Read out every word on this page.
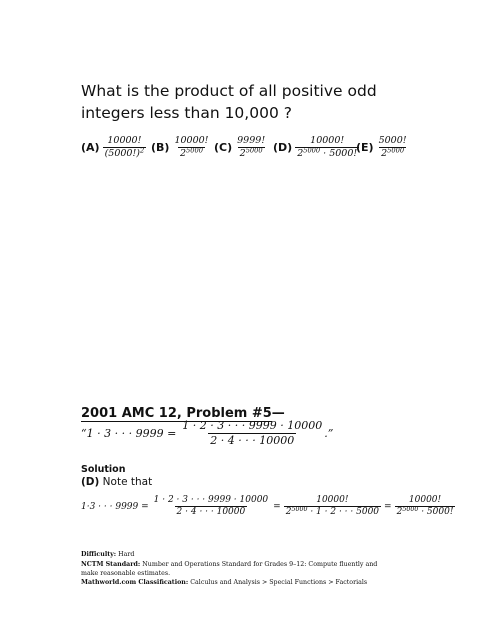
What is the product of all positive odd integers less than 10,000 ?
$(A) \frac{10000!}{(5000!)^2} (B) \frac{10000!}{2^{5000}} (C) \frac{9999!}{2^{5000}} (D) \frac{10000!}{2^{5000} \cdot 5000!}$
$(E) \frac{5000!}{2^{5000}}$
2001 AMC 12, Problem #5—
“ 1 · 3 · · · $9999 = \frac{1 \cdot 2 \cdot 3 \cdot \cdot \cdot 9999 \cdot 10000}{2 \cdot 4 \cdot \cdot \cdot 10000}$ .”
Solution
(D) Note that
1·3 · · · $9999 = \frac{1 \cdot 2 \cdot 3 \cdot \cdot \cdot 9999 \cdot 10000}{2 \cdot 4 \cdot \cdot \cdot 10000} = \frac{10000!}{2^{5000} \cdot 1 \cdot 2 \cdot \cdot \cdot 5000} = \frac{10000!}{2^{5000} \cdot 5000!}$
Difficulty: Hard
NCTM Standard: Number and Operations Standard for Grades 9–12: Compute fluently and make reasonable estimates.
Mathworld.com Classification: Calculus and Analysis > Special Functions > Factorials
